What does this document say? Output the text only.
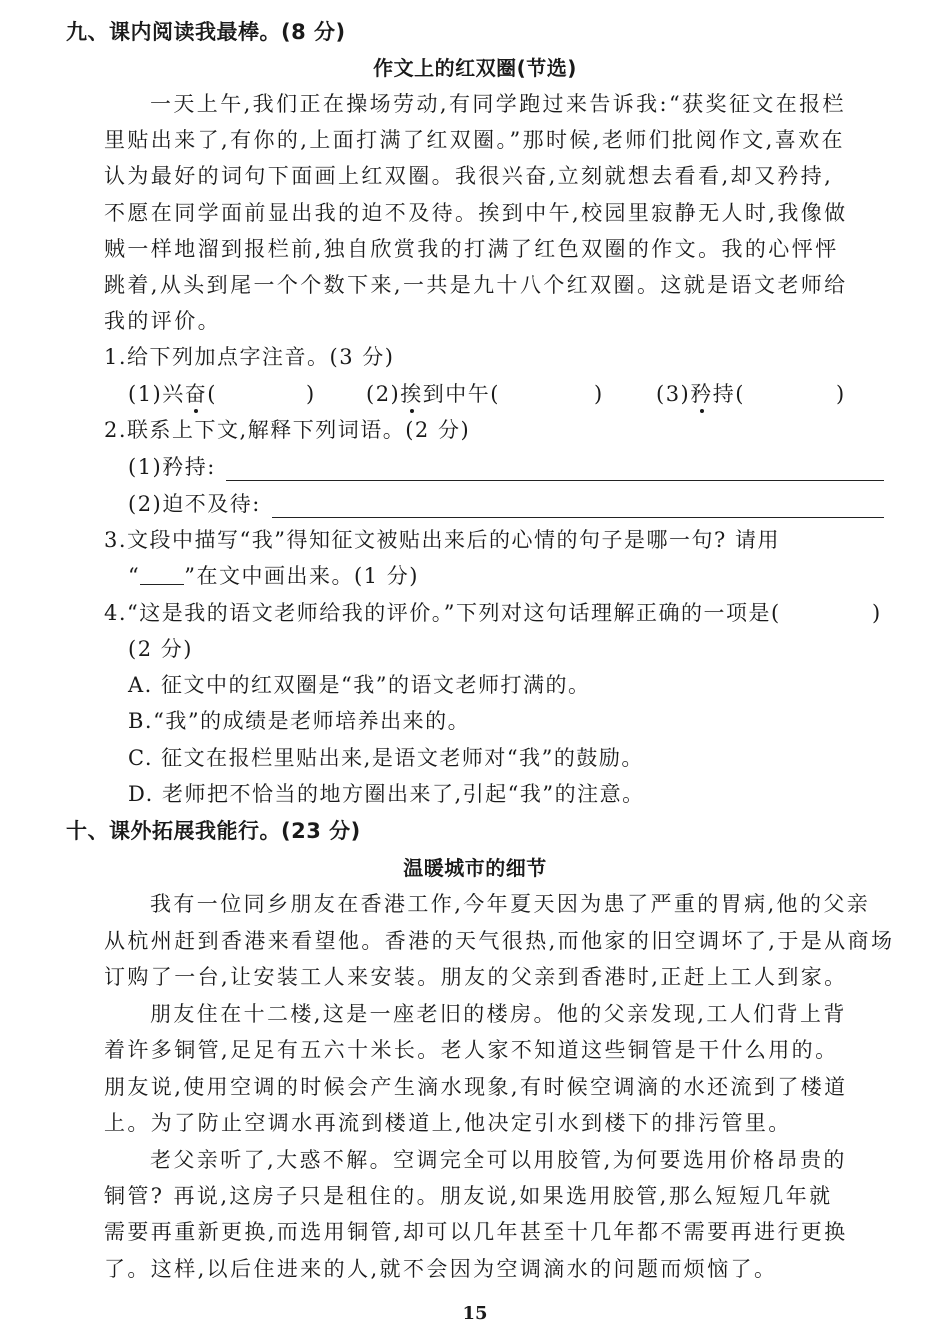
九、课内阅读我最棒。(8 分)
作文上的红双圈(节选)
一天上午,我们正在操场劳动,有同学跑过来告诉我:“获奖征文在报栏
里贴出来了,有你的,上面打满了红双圈。”那时候,老师们批阅作文,喜欢在
认为最好的词句下面画上红双圈。我很兴奋,立刻就想去看看,却又矜持,
不愿在同学面前显出我的迫不及待。挨到中午,校园里寂静无人时,我像做
贼一样地溜到报栏前,独自欣赏我的打满了红色双圈的作文。我的心怦怦
跳着,从头到尾一个个数下来,一共是九十八个红双圈。这就是语文老师给
我的评价。
1.给下列加点字注音。(3 分)
(1)兴奋(	) (2)挨到中午(	)	(3)矜持(	)
2.联系上下文,解释下列词语。(2 分)
(1)矜持:
(2)迫不及待:
3.文段中描写“我”得知征文被贴出来后的心情的句子是哪一句? 请用
“ ”在文中画出来。(1 分)
4.“这是我的语文老师给我的评价。”下列对这句话理解正确的一项是(	)
(2 分)
A. 征文中的红双圈是“我”的语文老师打满的。
B.“我”的成绩是老师培养出来的。
C. 征文在报栏里贴出来,是语文老师对“我”的鼓励。
D. 老师把不恰当的地方圈出来了,引起“我”的注意。
十、课外拓展我能行。(23 分)
温暖城市的细节
我有一位同乡朋友在香港工作,今年夏天因为患了严重的胃病,他的父亲
从杭州赶到香港来看望他。香港的天气很热,而他家的旧空调坏了,于是从商场
订购了一台,让安装工人来安装。朋友的父亲到香港时,正赶上工人到家。
朋友住在十二楼,这是一座老旧的楼房。他的父亲发现,工人们背上背
着许多铜管,足足有五六十米长。老人家不知道这些铜管是干什么用的。
朋友说,使用空调的时候会产生滴水现象,有时候空调滴的水还流到了楼道
上。为了防止空调水再流到楼道上,他决定引水到楼下的排污管里。
老父亲听了,大惑不解。空调完全可以用胶管,为何要选用价格昂贵的
铜管? 再说,这房子只是租住的。朋友说,如果选用胶管,那么短短几年就
需要再重新更换,而选用铜管,却可以几年甚至十几年都不需要再进行更换
了。这样,以后住进来的人,就不会因为空调滴水的问题而烦恼了。
15
